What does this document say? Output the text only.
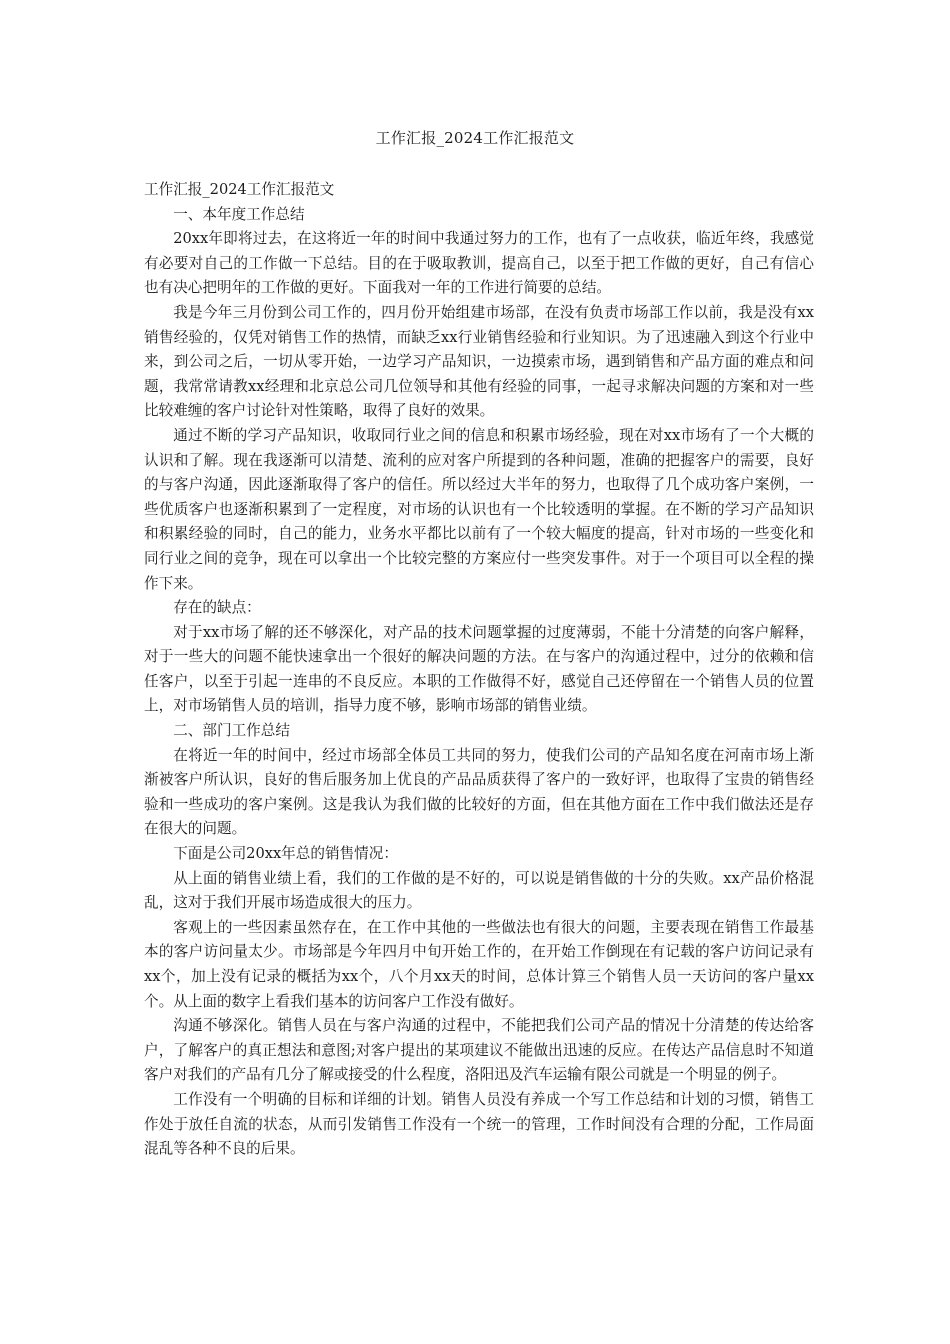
工作汇报_2024工作汇报范文

工作汇报_2024工作汇报范文

一、本年度工作总结

20xx年即将过去，在这将近一年的时间中我通过努力的工作，也有了一点收获，临近年终，我感觉有必要对自己的工作做一下总结。目的在于吸取教训，提高自己，以至于把工作做的更好，自己有信心也有决心把明年的工作做的更好。下面我对一年的工作进行简要的总结。

我是今年三月份到公司工作的，四月份开始组建市场部，在没有负责市场部工作以前，我是没有xx销售经验的，仅凭对销售工作的热情，而缺乏xx行业销售经验和行业知识。为了迅速融入到这个行业中来，到公司之后，一切从零开始，一边学习产品知识，一边摸索市场，遇到销售和产品方面的难点和问题，我常常请教xx经理和北京总公司几位领导和其他有经验的同事，一起寻求解决问题的方案和对一些比较难缠的客户讨论针对性策略，取得了良好的效果。

通过不断的学习产品知识，收取同行业之间的信息和积累市场经验，现在对xx市场有了一个大概的认识和了解。现在我逐渐可以清楚、流利的应对客户所提到的各种问题，准确的把握客户的需要，良好的与客户沟通，因此逐渐取得了客户的信任。所以经过大半年的努力，也取得了几个成功客户案例，一些优质客户也逐渐积累到了一定程度，对市场的认识也有一个比较透明的掌握。在不断的学习产品知识和积累经验的同时，自己的能力，业务水平都比以前有了一个较大幅度的提高，针对市场的一些变化和同行业之间的竞争，现在可以拿出一个比较完整的方案应付一些突发事件。对于一个项目可以全程的操作下来。

存在的缺点：

对于xx市场了解的还不够深化，对产品的技术问题掌握的过度薄弱，不能十分清楚的向客户解释，对于一些大的问题不能快速拿出一个很好的解决问题的方法。在与客户的沟通过程中，过分的依赖和信任客户，以至于引起一连串的不良反应。本职的工作做得不好，感觉自己还停留在一个销售人员的位置上，对市场销售人员的培训，指导力度不够，影响市场部的销售业绩。

二、部门工作总结

在将近一年的时间中，经过市场部全体员工共同的努力，使我们公司的产品知名度在河南市场上渐渐被客户所认识，良好的售后服务加上优良的产品品质获得了客户的一致好评，也取得了宝贵的销售经验和一些成功的客户案例。这是我认为我们做的比较好的方面，但在其他方面在工作中我们做法还是存在很大的问题。

下面是公司20xx年总的销售情况：

从上面的销售业绩上看，我们的工作做的是不好的，可以说是销售做的十分的失败。xx产品价格混乱，这对于我们开展市场造成很大的压力。

客观上的一些因素虽然存在，在工作中其他的一些做法也有很大的问题，主要表现在销售工作最基本的客户访问量太少。市场部是今年四月中旬开始工作的，在开始工作倒现在有记载的客户访问记录有xx个，加上没有记录的概括为xx个，八个月xx天的时间，总体计算三个销售人员一天访问的客户量xx个。从上面的数字上看我们基本的访问客户工作没有做好。

沟通不够深化。销售人员在与客户沟通的过程中，不能把我们公司产品的情况十分清楚的传达给客户，了解客户的真正想法和意图;对客户提出的某项建议不能做出迅速的反应。在传达产品信息时不知道客户对我们的产品有几分了解或接受的什么程度，洛阳迅及汽车运输有限公司就是一个明显的例子。

工作没有一个明确的目标和详细的计划。销售人员没有养成一个写工作总结和计划的习惯，销售工作处于放任自流的状态，从而引发销售工作没有一个统一的管理，工作时间没有合理的分配，工作局面混乱等各种不良的后果。
